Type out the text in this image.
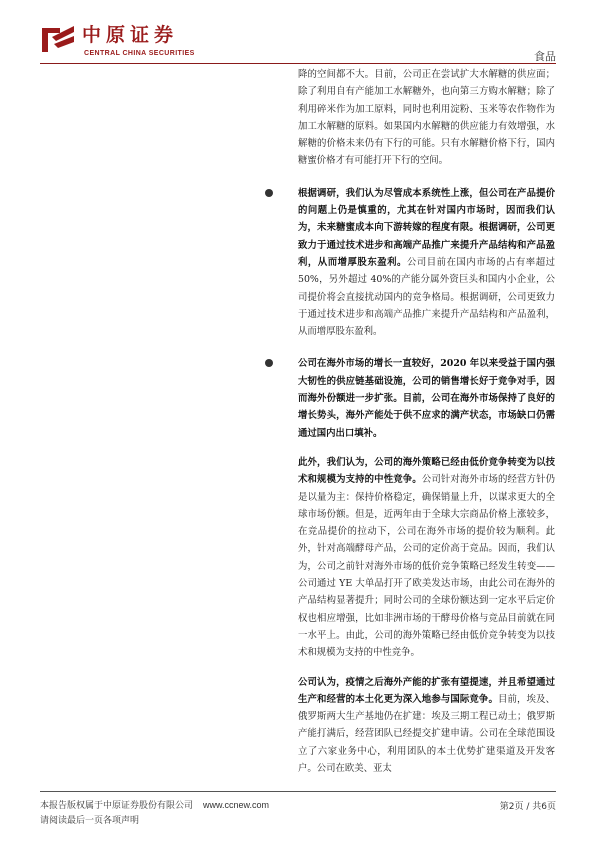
中原证券
CENTRAL CHINA SECURITIES	食品

降的空间都不大。目前，公司正在尝试扩大水解糖的供应面；除了利用自有产能加工水解糖外，也向第三方购水解糖；除了利用碎米作为加工原料，同时也利用淀粉、玉米等农作物作为加工水解糖的原料。如果国内水解糖的供应能力有效增强，水解糖的价格未来仍有下行的可能。只有水解糖价格下行，国内糖蜜价格才有可能打开下行的空间。

根据调研，我们认为尽管成本系统性上涨，但公司在产品提价的问题上仍是慎重的，尤其在针对国内市场时，因而我们认为，未来糖蜜成本向下游转嫁的程度有限。根据调研，公司更致力于通过技术进步和高端产品推广来提升产品结构和产品盈利，从而增厚股东盈利。公司目前在国内市场的占有率超过 50%，另外超过 40%的产能分属外资巨头和国内小企业，公司提价将会直接扰动国内的竞争格局。根据调研，公司更致力于通过技术进步和高端产品推广来提升产品结构和产品盈利，从而增厚股东盈利。

公司在海外市场的增长一直较好，2020 年以来受益于国内强大韧性的供应链基础设施，公司的销售增长好于竞争对手，因而海外份额进一步扩张。目前，公司在海外市场保持了良好的增长势头，海外产能处于供不应求的满产状态，市场缺口仍需通过国内出口填补。

此外，我们认为，公司的海外策略已经由低价竞争转变为以技术和规模为支持的中性竞争。公司针对海外市场的经营方针仍是以量为主：保持价格稳定，确保销量上升，以谋求更大的全球市场份额。但是，近两年由于全球大宗商品价格上涨较多，在竞品提价的拉动下，公司在海外市场的提价较为顺利。此外，针对高端酵母产品，公司的定价高于竞品。因而，我们认为，公司之前针对海外市场的低价竞争策略已经发生转变——公司通过 YE 大单品打开了欧美发达市场，由此公司在海外的产品结构显著提升；同时公司的全球份额达到一定水平后定价权也相应增强，比如非洲市场的干酵母价格与竞品目前就在同一水平上。由此，公司的海外策略已经由低价竞争转变为以技术和规模为支持的中性竞争。

公司认为，疫情之后海外产能的扩张有望提速，并且希望通过生产和经营的本土化更为深入地参与国际竞争。目前，埃及、俄罗斯两大生产基地仍在扩建：埃及三期工程已动土；俄罗斯产能打满后，经营团队已经提交扩建申请。公司在全球范围设立了六家业务中心，利用团队的本土优势扩建渠道及开发客户。公司在欧美、亚太

本报告版权属于中原证券股份有限公司 www.ccnew.com
请阅读最后一页各项声明
第2页 / 共6页
